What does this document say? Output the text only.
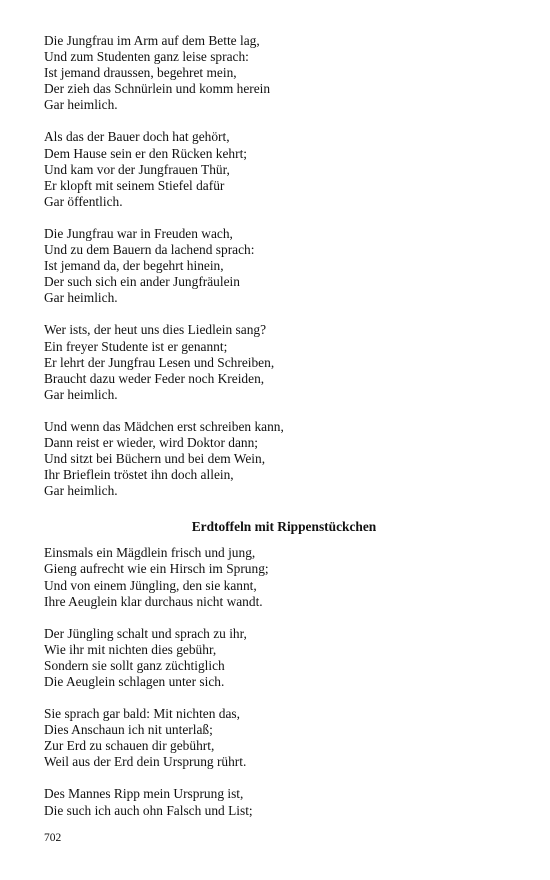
Die Jungfrau im Arm auf dem Bette lag,
Und zum Studenten ganz leise sprach:
Ist jemand draussen, begehret mein,
Der zieh das Schnürlein und komm herein
Gar heimlich.
Als das der Bauer doch hat gehört,
Dem Hause sein er den Rücken kehrt;
Und kam vor der Jungfrauen Thür,
Er klopft mit seinem Stiefel dafür
Gar öffentlich.
Die Jungfrau war in Freuden wach,
Und zu dem Bauern da lachend sprach:
Ist jemand da, der begehrt hinein,
Der such sich ein ander Jungfräulein
Gar heimlich.
Wer ists, der heut uns dies Liedlein sang?
Ein freyer Studente ist er genannt;
Er lehrt der Jungfrau Lesen und Schreiben,
Braucht dazu weder Feder noch Kreiden,
Gar heimlich.
Und wenn das Mädchen erst schreiben kann,
Dann reist er wieder, wird Doktor dann;
Und sitzt bei Büchern und bei dem Wein,
Ihr Brieflein tröstet ihn doch allein,
Gar heimlich.
Erdtoffeln mit Rippenstückchen
Einsmals ein Mägdlein frisch und jung,
Gieng aufrecht wie ein Hirsch im Sprung;
Und von einem Jüngling, den sie kannt,
Ihre Aeuglein klar durchaus nicht wandt.
Der Jüngling schalt und sprach zu ihr,
Wie ihr mit nichten dies gebühr,
Sondern sie sollt ganz züchtiglich
Die Aeuglein schlagen unter sich.
Sie sprach gar bald: Mit nichten das,
Dies Anschaun ich nit unterlaß;
Zur Erd zu schauen dir gebührt,
Weil aus der Erd dein Ursprung rührt.
Des Mannes Ripp mein Ursprung ist,
Die such ich auch ohn Falsch und List;
702
